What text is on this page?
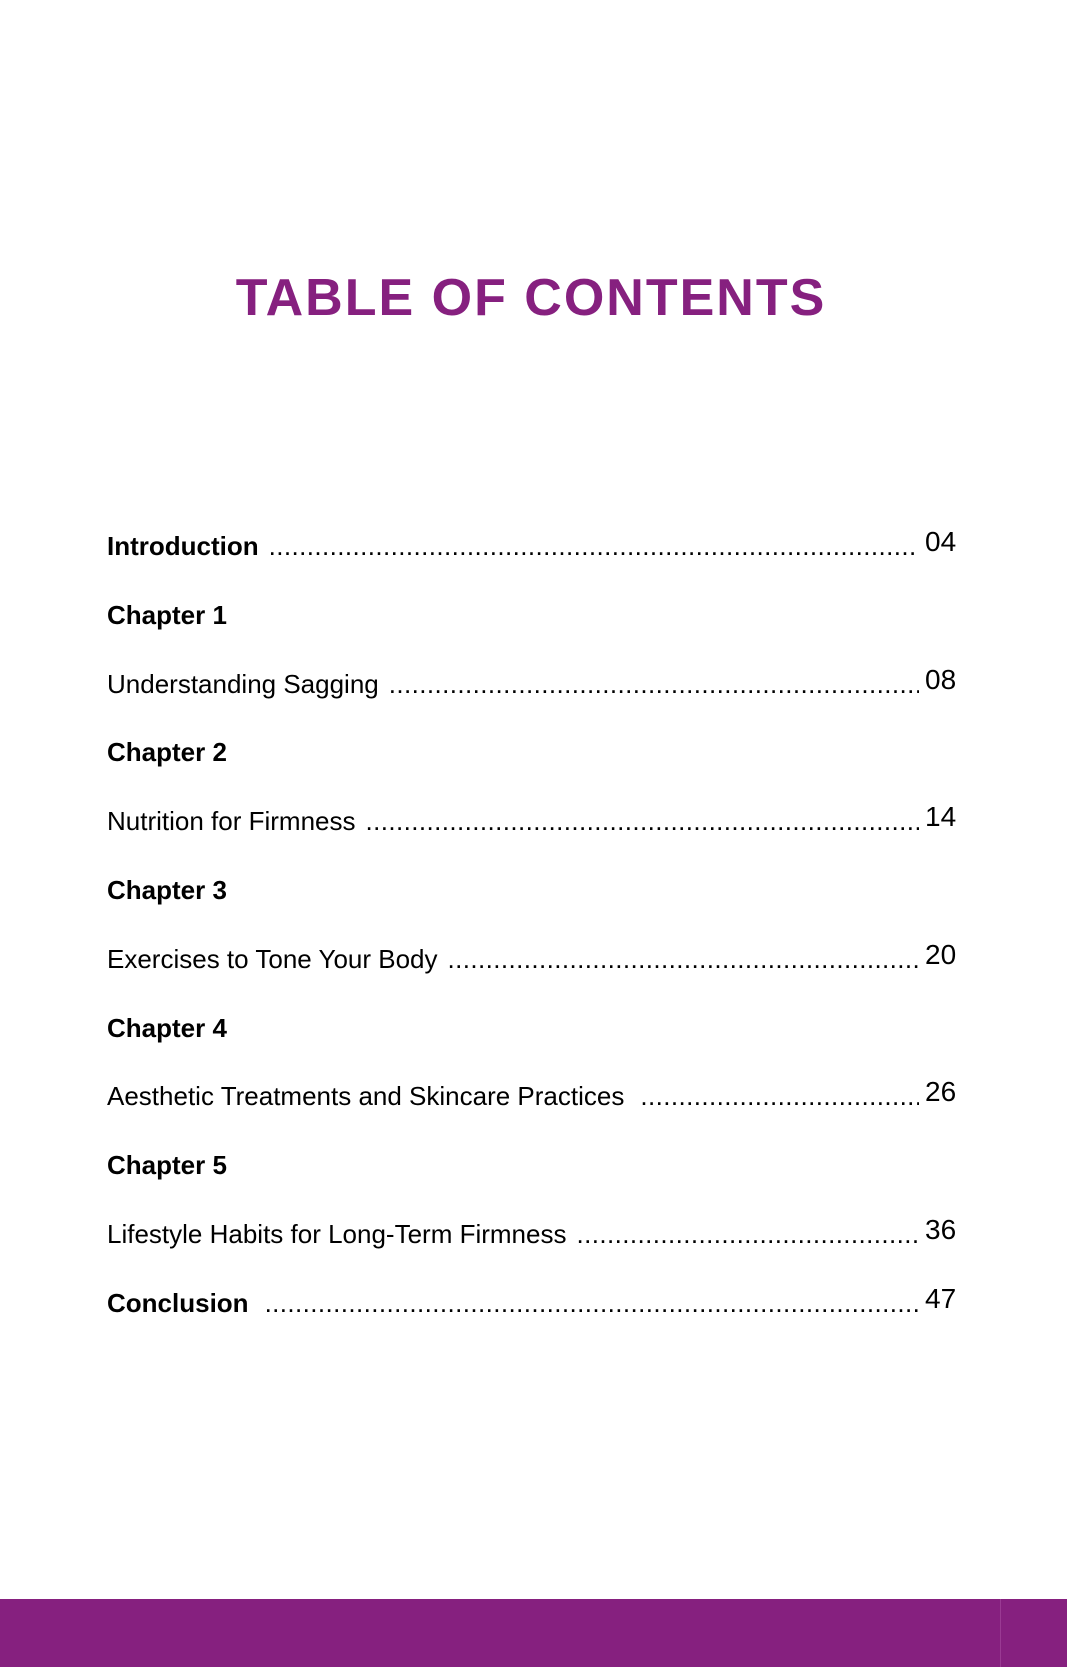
TABLE OF CONTENTS
Introduction .....	04
Chapter 1
Understanding Sagging .....	08
Chapter 2
Nutrition for Firmness .....	14
Chapter 3
Exercises to Tone Your Body .....	20
Chapter 4
Aesthetic Treatments and Skincare Practices .....	26
Chapter 5
Lifestyle Habits for Long-Term Firmness .....	36
Conclusion .....	47
